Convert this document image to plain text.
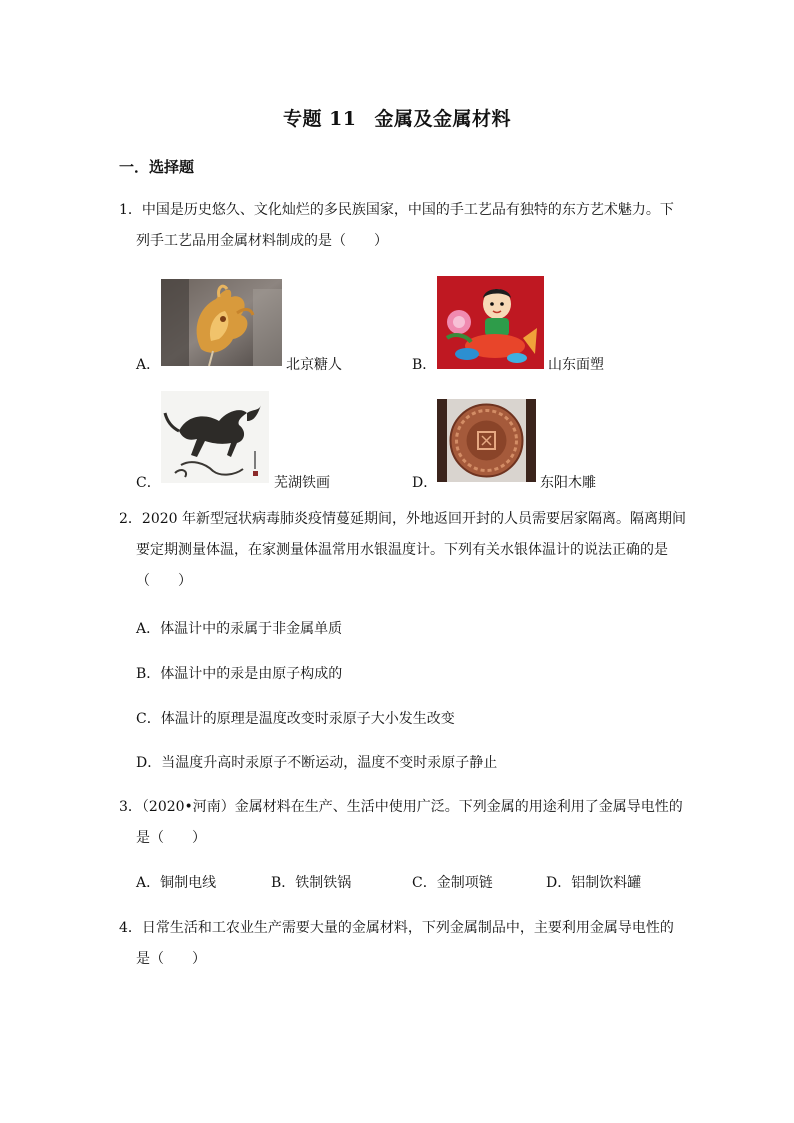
专题 11 金属及金属材料
一．选择题
1．中国是历史悠久、文化灿烂的多民族国家，中国的手工艺品有独特的东方艺术魅力。下
列手工艺品用金属材料制成的是（　　）
A．	北京糖人	B．	山东面塑
C．	芜湖铁画	D．	东阳木雕
2．2020 年新型冠状病毒肺炎疫情蔓延期间，外地返回开封的人员需要居家隔离。隔离期间
要定期测量体温，在家测量体温常用水银温度计。下列有关水银体温计的说法正确的是
（　　）
A．体温计中的汞属于非金属单质
B．体温计中的汞是由原子构成的
C．体温计的原理是温度改变时汞原子大小发生改变
D．当温度升高时汞原子不断运动，温度不变时汞原子静止
3．（2020•河南）金属材料在生产、生活中使用广泛。下列金属的用途利用了金属导电性的
是（　　）
A．铜制电线	B．铁制铁锅	C．金制项链	D．铝制饮料罐
4．日常生活和工农业生产需要大量的金属材料，下列金属制品中，主要利用金属导电性的
是（　　）
